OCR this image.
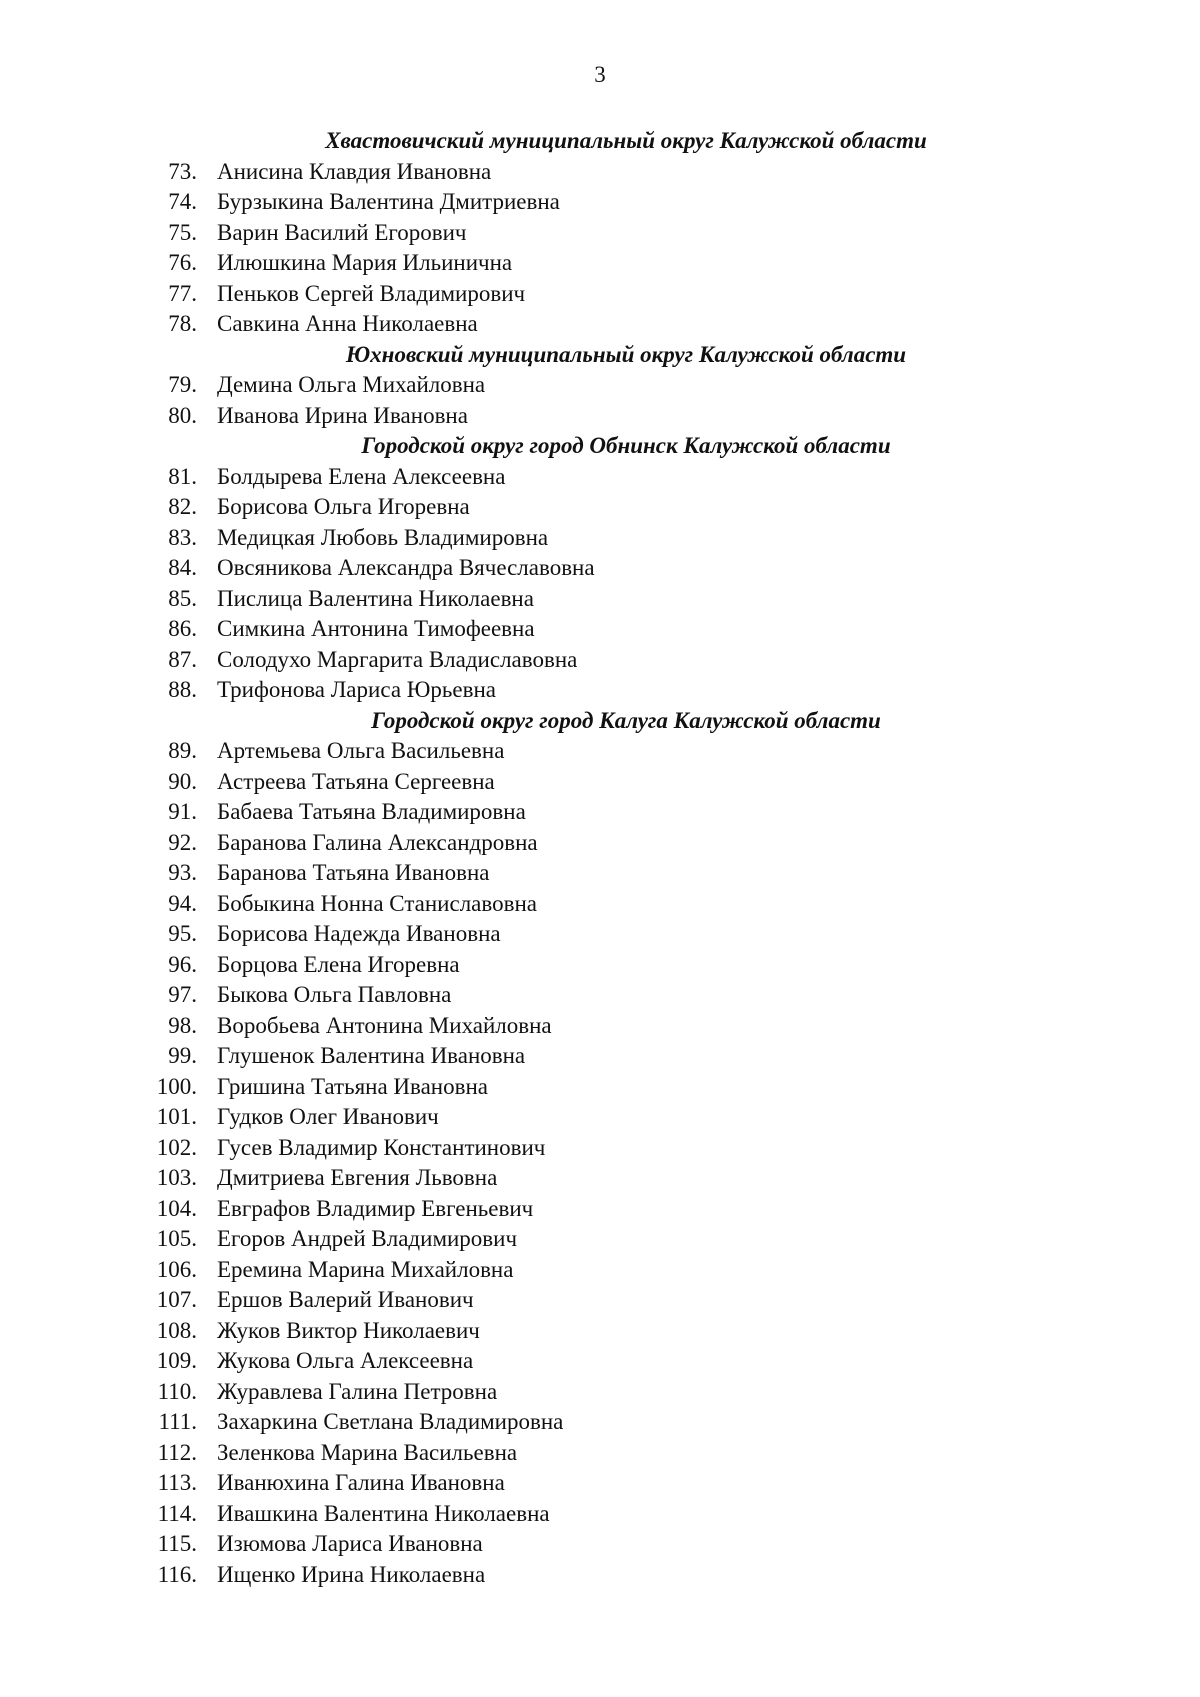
3
Хвастовичский муниципальный округ Калужской области
73. Анисина Клавдия Ивановна
74. Бурзыкина Валентина Дмитриевна
75. Варин Василий Егорович
76. Илюшкина Мария Ильинична
77. Пеньков Сергей Владимирович
78. Савкина Анна Николаевна
Юхновский муниципальный округ Калужской области
79. Демина Ольга Михайловна
80. Иванова Ирина Ивановна
Городской округ город Обнинск Калужской области
81. Болдырева Елена Алексеевна
82. Борисова Ольга Игоревна
83. Медицкая Любовь Владимировна
84. Овсяникова Александра Вячеславовна
85. Пислица Валентина Николаевна
86. Симкина Антонина Тимофеевна
87. Солодухо Маргарита Владиславовна
88. Трифонова Лариса Юрьевна
Городской округ город Калуга Калужской области
89. Артемьева Ольга Васильевна
90. Астреева Татьяна Сергеевна
91. Бабаева Татьяна Владимировна
92. Баранова Галина Александровна
93. Баранова Татьяна Ивановна
94. Бобыкина Нонна Станиславовна
95. Борисова Надежда Ивановна
96. Борцова Елена Игоревна
97. Быкова Ольга Павловна
98. Воробьева Антонина Михайловна
99. Глушенок Валентина Ивановна
100. Гришина Татьяна Ивановна
101. Гудков Олег Иванович
102. Гусев Владимир Константинович
103. Дмитриева Евгения Львовна
104. Евграфов Владимир Евгеньевич
105. Егоров Андрей Владимирович
106. Еремина Марина Михайловна
107. Ершов Валерий Иванович
108. Жуков Виктор Николаевич
109. Жукова Ольга Алексеевна
110. Журавлева Галина Петровна
111. Захаркина Светлана Владимировна
112. Зеленкова Марина Васильевна
113. Иванюхина Галина Ивановна
114. Ивашкина Валентина Николаевна
115. Изюмова Лариса Ивановна
116. Ищенко Ирина Николаевна
